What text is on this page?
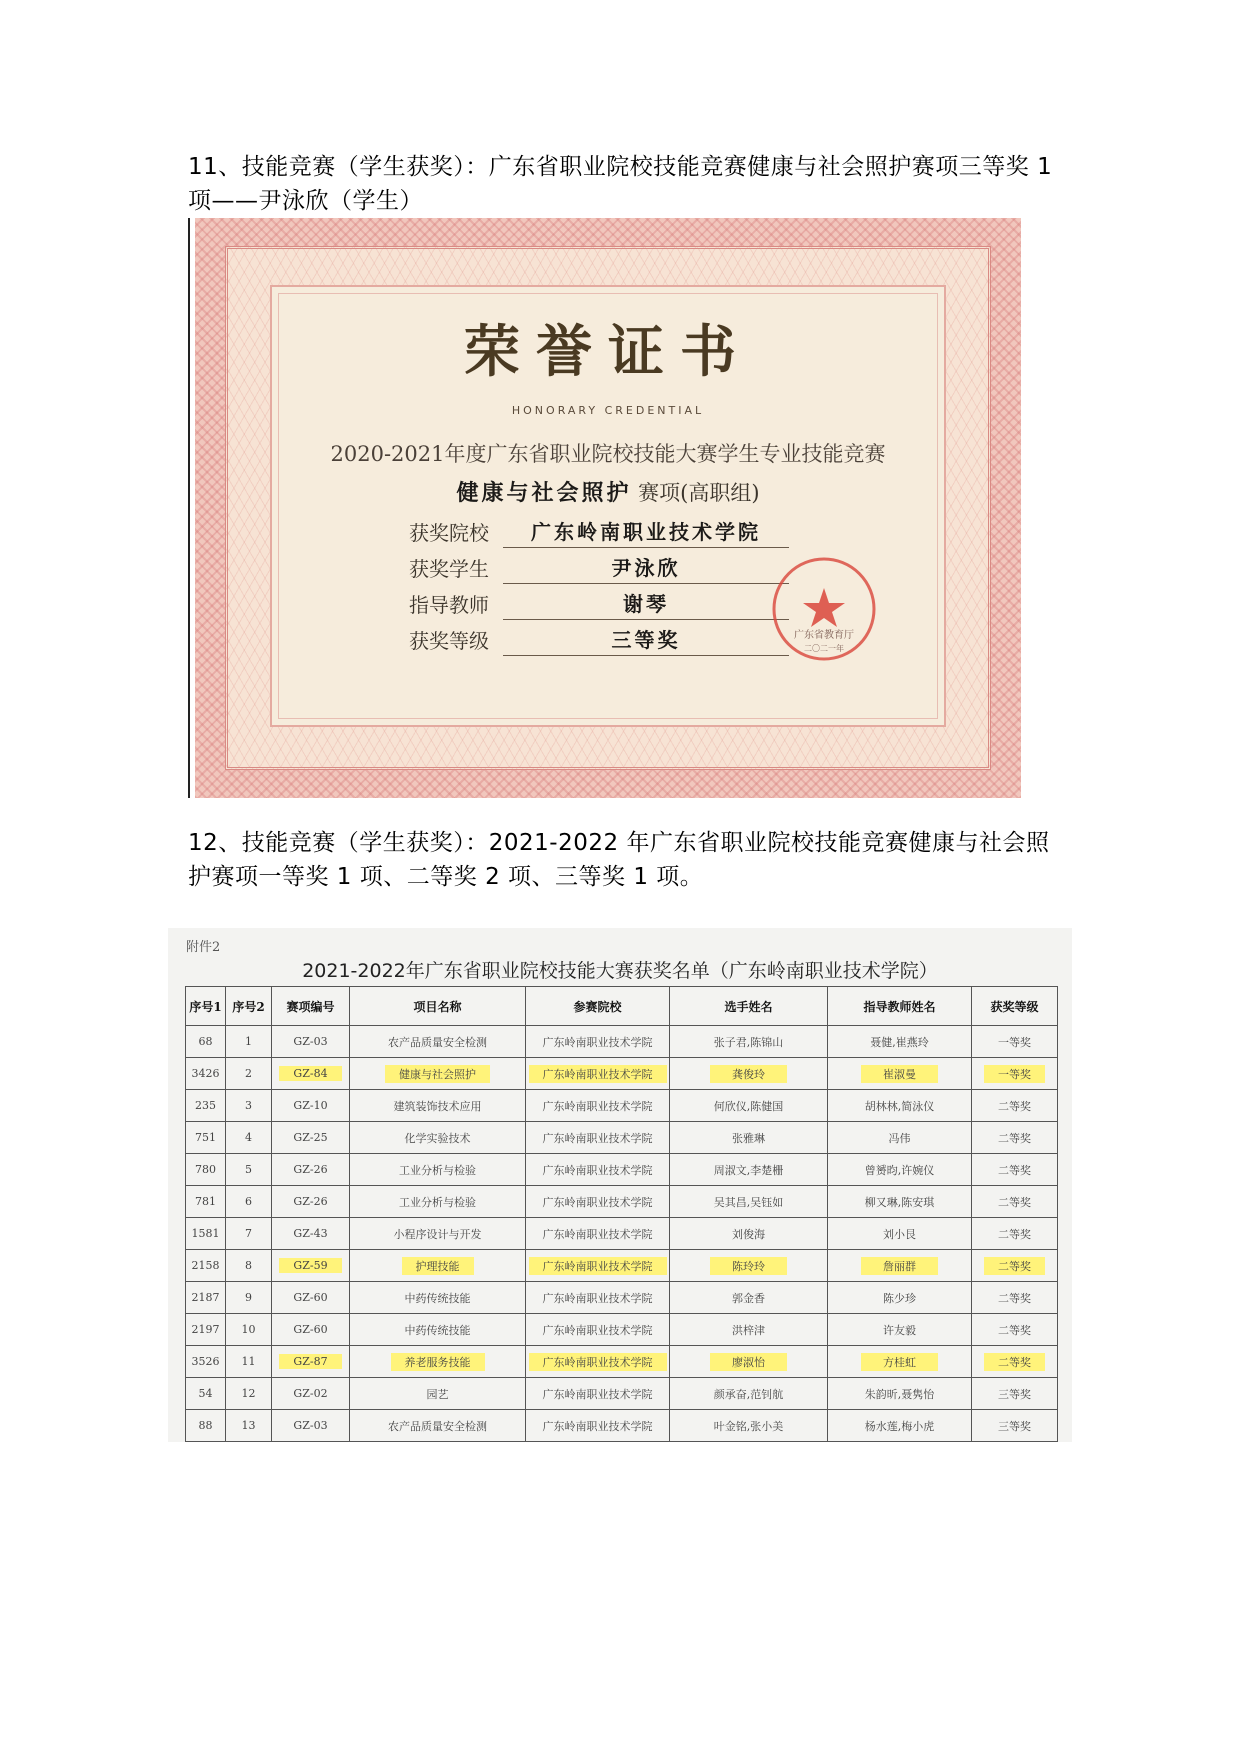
11、技能竞赛（学生获奖）：广东省职业院校技能竞赛健康与社会照护赛项三等奖 1 项——尹泳欣（学生）
荣誉证书
HONORARY CREDENTIAL
2020-2021年度广东省职业院校技能大赛学生专业技能竞赛
健康与社会照护 赛项(高职组)
获奖院校	广东岭南职业技术学院
获奖学生	尹泳欣
指导教师	谢琴
获奖等级	三等奖	广东省教育厅
二〇二一年
12、技能竞赛（学生获奖）：2021-2022 年广东省职业院校技能竞赛健康与社会照护赛项一等奖 1 项、二等奖 2 项、三等奖 1 项。
附件2
2021-2022年广东省职业院校技能大赛获奖名单（广东岭南职业技术学院）
序号1	序号2	赛项编号	项目名称	参赛院校	选手姓名	指导教师姓名	获奖等级
68	1	GZ-03	农产品质量安全检测	广东岭南职业技术学院	张子君,陈锦山	聂健,崔燕玲	一等奖
3426	2	GZ-84	健康与社会照护	广东岭南职业技术学院	龚俊玲	崔淑曼	一等奖
235	3	GZ-10	建筑装饰技术应用	广东岭南职业技术学院	何欣仪,陈健国	胡林林,简泳仪	二等奖
751	4	GZ-25	化学实验技术	广东岭南职业技术学院	张雅琳	冯伟	二等奖
780	5	GZ-26	工业分析与检验	广东岭南职业技术学院	周淑文,李楚栅	曾赟昀,许婉仪	二等奖
781	6	GZ-26	工业分析与检验	广东岭南职业技术学院	吴其昌,吴钰如	柳又琳,陈安琪	二等奖
1581	7	GZ-43	小程序设计与开发	广东岭南职业技术学院	刘俊海	刘小艮	二等奖
2158	8	GZ-59	护理技能	广东岭南职业技术学院	陈玲玲	詹丽群	二等奖
2187	9	GZ-60	中药传统技能	广东岭南职业技术学院	郭金香	陈少珍	二等奖
2197	10	GZ-60	中药传统技能	广东岭南职业技术学院	洪梓津	许友毅	二等奖
3526	11	GZ-87	养老服务技能	广东岭南职业技术学院	廖淑怡	方桂虹	二等奖
54	12	GZ-02	园艺	广东岭南职业技术学院	颜承奋,范钊航	朱韵昕,聂隽怡	三等奖
88	13	GZ-03	农产品质量安全检测	广东岭南职业技术学院	叶金铭,张小美	杨水莲,梅小虎	三等奖
